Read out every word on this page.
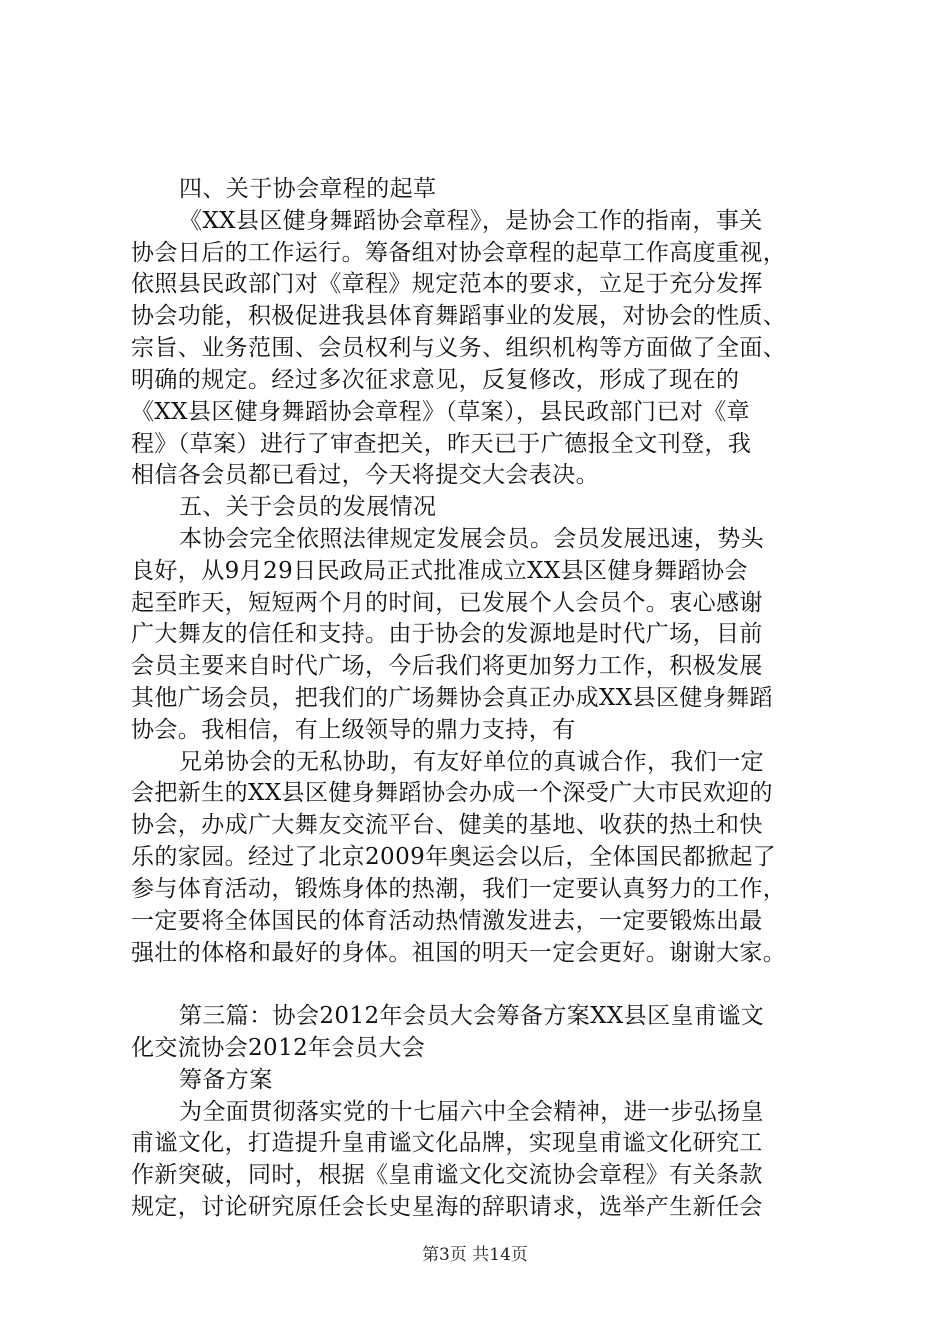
四、关于协会章程的起草
《XX县区健身舞蹈协会章程》，是协会工作的指南，事关
协会日后的工作运行。筹备组对协会章程的起草工作高度重视，
依照县民政部门对《章程》规定范本的要求，立足于充分发挥
协会功能，积极促进我县体育舞蹈事业的发展，对协会的性质、
宗旨、业务范围、会员权利与义务、组织机构等方面做了全面、
明确的规定。经过多次征求意见，反复修改，形成了现在的
《XX县区健身舞蹈协会章程》（草案），县民政部门已对《章
程》（草案）进行了审查把关，昨天已于广德报全文刊登，我
相信各会员都已看过，今天将提交大会表决。
五、关于会员的发展情况
本协会完全依照法律规定发展会员。会员发展迅速，势头
良好，从9月29日民政局正式批准成立XX县区健身舞蹈协会
起至昨天，短短两个月的时间，已发展个人会员个。衷心感谢
广大舞友的信任和支持。由于协会的发源地是时代广场，目前
会员主要来自时代广场，今后我们将更加努力工作，积极发展
其他广场会员，把我们的广场舞协会真正办成XX县区健身舞蹈
协会。我相信，有上级领导的鼎力支持，有
兄弟协会的无私协助，有友好单位的真诚合作，我们一定
会把新生的XX县区健身舞蹈协会办成一个深受广大市民欢迎的
协会，办成广大舞友交流平台、健美的基地、收获的热土和快
乐的家园。经过了北京2009年奥运会以后，全体国民都掀起了
参与体育活动，锻炼身体的热潮，我们一定要认真努力的工作，
一定要将全体国民的体育活动热情激发进去，一定要锻炼出最
强壮的体格和最好的身体。祖国的明天一定会更好。谢谢大家。
第三篇：协会2012年会员大会筹备方案XX县区皇甫谧文
化交流协会2012年会员大会
筹备方案
为全面贯彻落实党的十七届六中全会精神，进一步弘扬皇
甫谧文化，打造提升皇甫谧文化品牌，实现皇甫谧文化研究工
作新突破，同时，根据《皇甫谧文化交流协会章程》有关条款
规定，讨论研究原任会长史星海的辞职请求，选举产生新任会
第3页 共14页
